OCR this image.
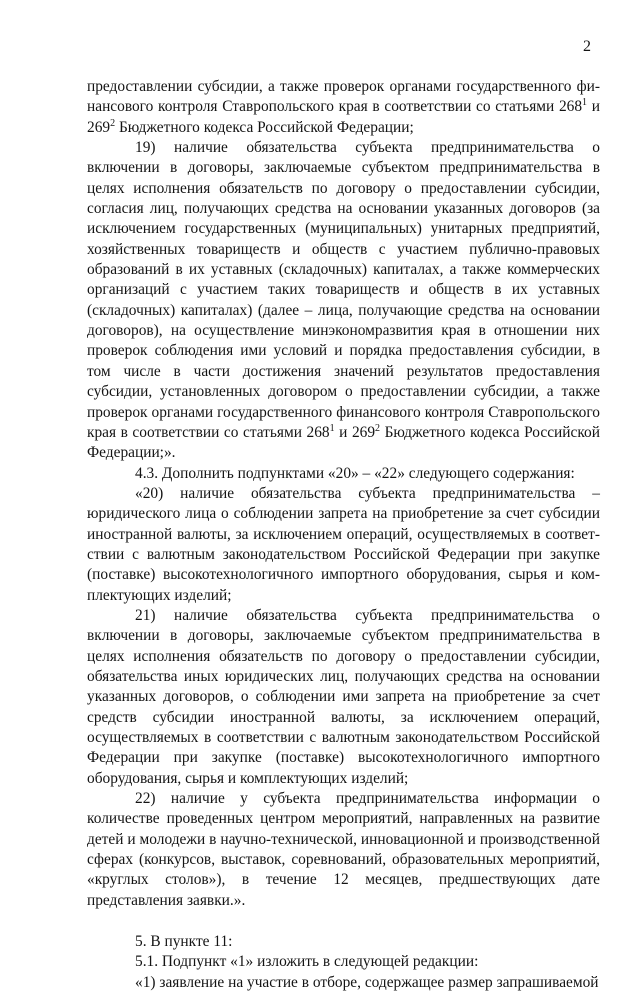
2

предоставлении субсидии, а также проверок органами государственного финансового контроля Ставропольского края в соответствии со статьями $268^1$ и $269^2$ Бюджетного кодекса Российской Федерации;

19) наличие обязательства субъекта предпринимательства о включении в договоры, заключаемые субъектом предпринимательства в целях исполнения обязательств по договору о предоставлении субсидии, согласия лиц, получающих средства на основании указанных договоров (за исключением государственных (муниципальных) унитарных предприятий, хозяйственных товариществ и обществ с участием публично-правовых образований в их уставных (складочных) капиталах, а также коммерческих организаций с участием таких товариществ и обществ в их уставных (складочных) капиталах) (далее – лица, получающие средства на основании договоров), на осуществление минэкономразвития края в отношении них проверок соблюдения ими условий и порядка предоставления субсидии, в том числе в части достижения значений результатов предоставления субсидии, установленных договором о предоставлении субсидии, а также проверок органами государственного финансового контроля Ставропольского края в соответствии со статьями $268^1$ и $269^2$ Бюджетного кодекса Российской Федерации;».

4.3. Дополнить подпунктами «20» – «22» следующего содержания:

«20) наличие обязательства субъекта предпринимательства – юридического лица о соблюдении запрета на приобретение за счет субсидии иностранной валюты, за исключением операций, осуществляемых в соответствии с валютным законодательством Российской Федерации при закупке (поставке) высокотехнологичного импортного оборудования, сырья и комплектующих изделий;

21) наличие обязательства субъекта предпринимательства о включении в договоры, заключаемые субъектом предпринимательства в целях исполнения обязательств по договору о предоставлении субсидии, обязательства иных юридических лиц, получающих средства на основании указанных договоров, о соблюдении ими запрета на приобретение за счет средств субсидии иностранной валюты, за исключением операций, осуществляемых в соответствии с валютным законодательством Российской Федерации при закупке (поставке) высокотехнологичного импортного оборудования, сырья и комплектующих изделий;

22) наличие у субъекта предпринимательства информации о количестве проведенных центром мероприятий, направленных на развитие детей и молодежи в научно-технической, инновационной и производственной сферах (конкурсов, выставок, соревнований, образовательных мероприятий, «круглых столов»), в течение 12 месяцев, предшествующих дате представления заявки.».

5. В пункте 11:

5.1. Подпункт «1» изложить в следующей редакции:

«1) заявление на участие в отборе, содержащее размер запрашиваемой
